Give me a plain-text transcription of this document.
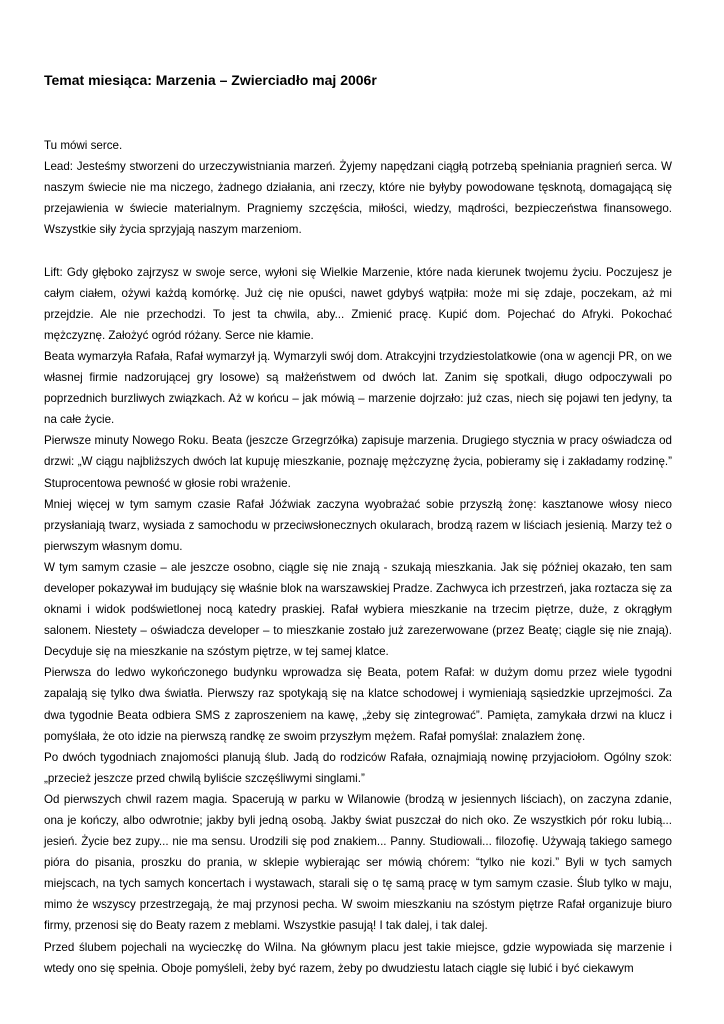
Temat miesiąca: Marzenia – Zwierciadło maj 2006r

Tu mówi serce.

Lead: Jesteśmy stworzeni do urzeczywistniania marzeń. Żyjemy napędzani ciągłą potrzebą spełniania pragnień serca. W naszym świecie nie ma niczego, żadnego działania, ani rzeczy, które nie byłyby powodowane tęsknotą, domagającą się przejawienia w świecie materialnym. Pragniemy szczęścia, miłości, wiedzy, mądrości, bezpieczeństwa finansowego. Wszystkie siły życia sprzyjają naszym marzeniom.

Lift: Gdy głęboko zajrzysz w swoje serce, wyłoni się Wielkie Marzenie, które nada kierunek twojemu życiu. Poczujesz je całym ciałem, ożywi każdą komórkę. Już cię nie opuści, nawet gdybyś wątpiła: może mi się zdaje, poczekam, aż mi przejdzie. Ale nie przechodzi. To jest ta chwila, aby... Zmienić pracę. Kupić dom. Pojechać do Afryki. Pokochać mężczyznę. Założyć ogród różany. Serce nie kłamie.

Beata wymarzyła Rafała, Rafał wymarzył ją. Wymarzyli swój dom. Atrakcyjni trzydziestolatkowie (ona w agencji PR, on we własnej firmie nadzorującej gry losowe) są małżeństwem od dwóch lat. Zanim się spotkali, długo odpoczywali po poprzednich burzliwych związkach. Aż w końcu – jak mówią – marzenie dojrzało: już czas, niech się pojawi ten jedyny, ta na całe życie.

Pierwsze minuty Nowego Roku. Beata (jeszcze Grzegrzółka) zapisuje marzenia. Drugiego stycznia w pracy oświadcza od drzwi: „W ciągu najbliższych dwóch lat kupuję mieszkanie, poznaję mężczyznę życia, pobieramy się i zakładamy rodzinę.” Stuprocentowa pewność w głosie robi wrażenie.

Mniej więcej w tym samym czasie Rafał Jóźwiak zaczyna wyobrażać sobie przyszłą żonę: kasztanowe włosy nieco przysłaniają twarz, wysiada z samochodu w przeciwsłonecznych okularach, brodzą razem w liściach jesienią. Marzy też o pierwszym własnym domu.

W tym samym czasie – ale jeszcze osobno, ciągle się nie znają - szukają mieszkania. Jak się później okazało, ten sam developer pokazywał im budujący się właśnie blok na warszawskiej Pradze. Zachwyca ich przestrzeń, jaka roztacza się za oknami i widok podświetlonej nocą katedry praskiej. Rafał wybiera mieszkanie na trzecim piętrze, duże, z okrągłym salonem. Niestety – oświadcza developer – to mieszkanie zostało już zarezerwowane (przez Beatę; ciągle się nie znają). Decyduje się na mieszkanie na szóstym piętrze, w tej samej klatce.

Pierwsza do ledwo wykończonego budynku wprowadza się Beata, potem Rafał: w dużym domu przez wiele tygodni zapalają się tylko dwa światła. Pierwszy raz spotykają się na klatce schodowej i wymieniają sąsiedzkie uprzejmości. Za dwa tygodnie Beata odbiera SMS z zaproszeniem na kawę, „żeby się zintegrować”. Pamięta, zamykała drzwi na klucz i pomyślała, że oto idzie na pierwszą randkę ze swoim przyszłym mężem. Rafał pomyślał: znalazłem żonę.

Po dwóch tygodniach znajomości planują ślub. Jadą do rodziców Rafała, oznajmiają nowinę przyjaciołom. Ogólny szok: „przecież jeszcze przed chwilą byliście szczęśliwymi singlami.”

Od pierwszych chwil razem magia. Spacerują w parku w Wilanowie (brodzą w jesiennych liściach), on zaczyna zdanie, ona je kończy, albo odwrotnie; jakby byli jedną osobą. Jakby świat puszczał do nich oko. Ze wszystkich pór roku lubią... jesień. Życie bez zupy... nie ma sensu. Urodzili się pod znakiem... Panny. Studiowali... filozofię. Używają takiego samego pióra do pisania, proszku do prania, w sklepie wybierając ser mówią chórem: “tylko nie kozi.” Byli w tych samych miejscach, na tych samych koncertach i wystawach, starali się o tę samą pracę w tym samym czasie. Ślub tylko w maju, mimo że wszyscy przestrzegają, że maj przynosi pecha. W swoim mieszkaniu na szóstym piętrze Rafał organizuje biuro firmy, przenosi się do Beaty razem z meblami. Wszystkie pasują! I tak dalej, i tak dalej.

Przed ślubem pojechali na wycieczkę do Wilna. Na głównym placu jest takie miejsce, gdzie wypowiada się marzenie i wtedy ono się spełnia. Oboje pomyśleli, żeby być razem, żeby po dwudziestu latach ciągle się lubić i być ciekawym
